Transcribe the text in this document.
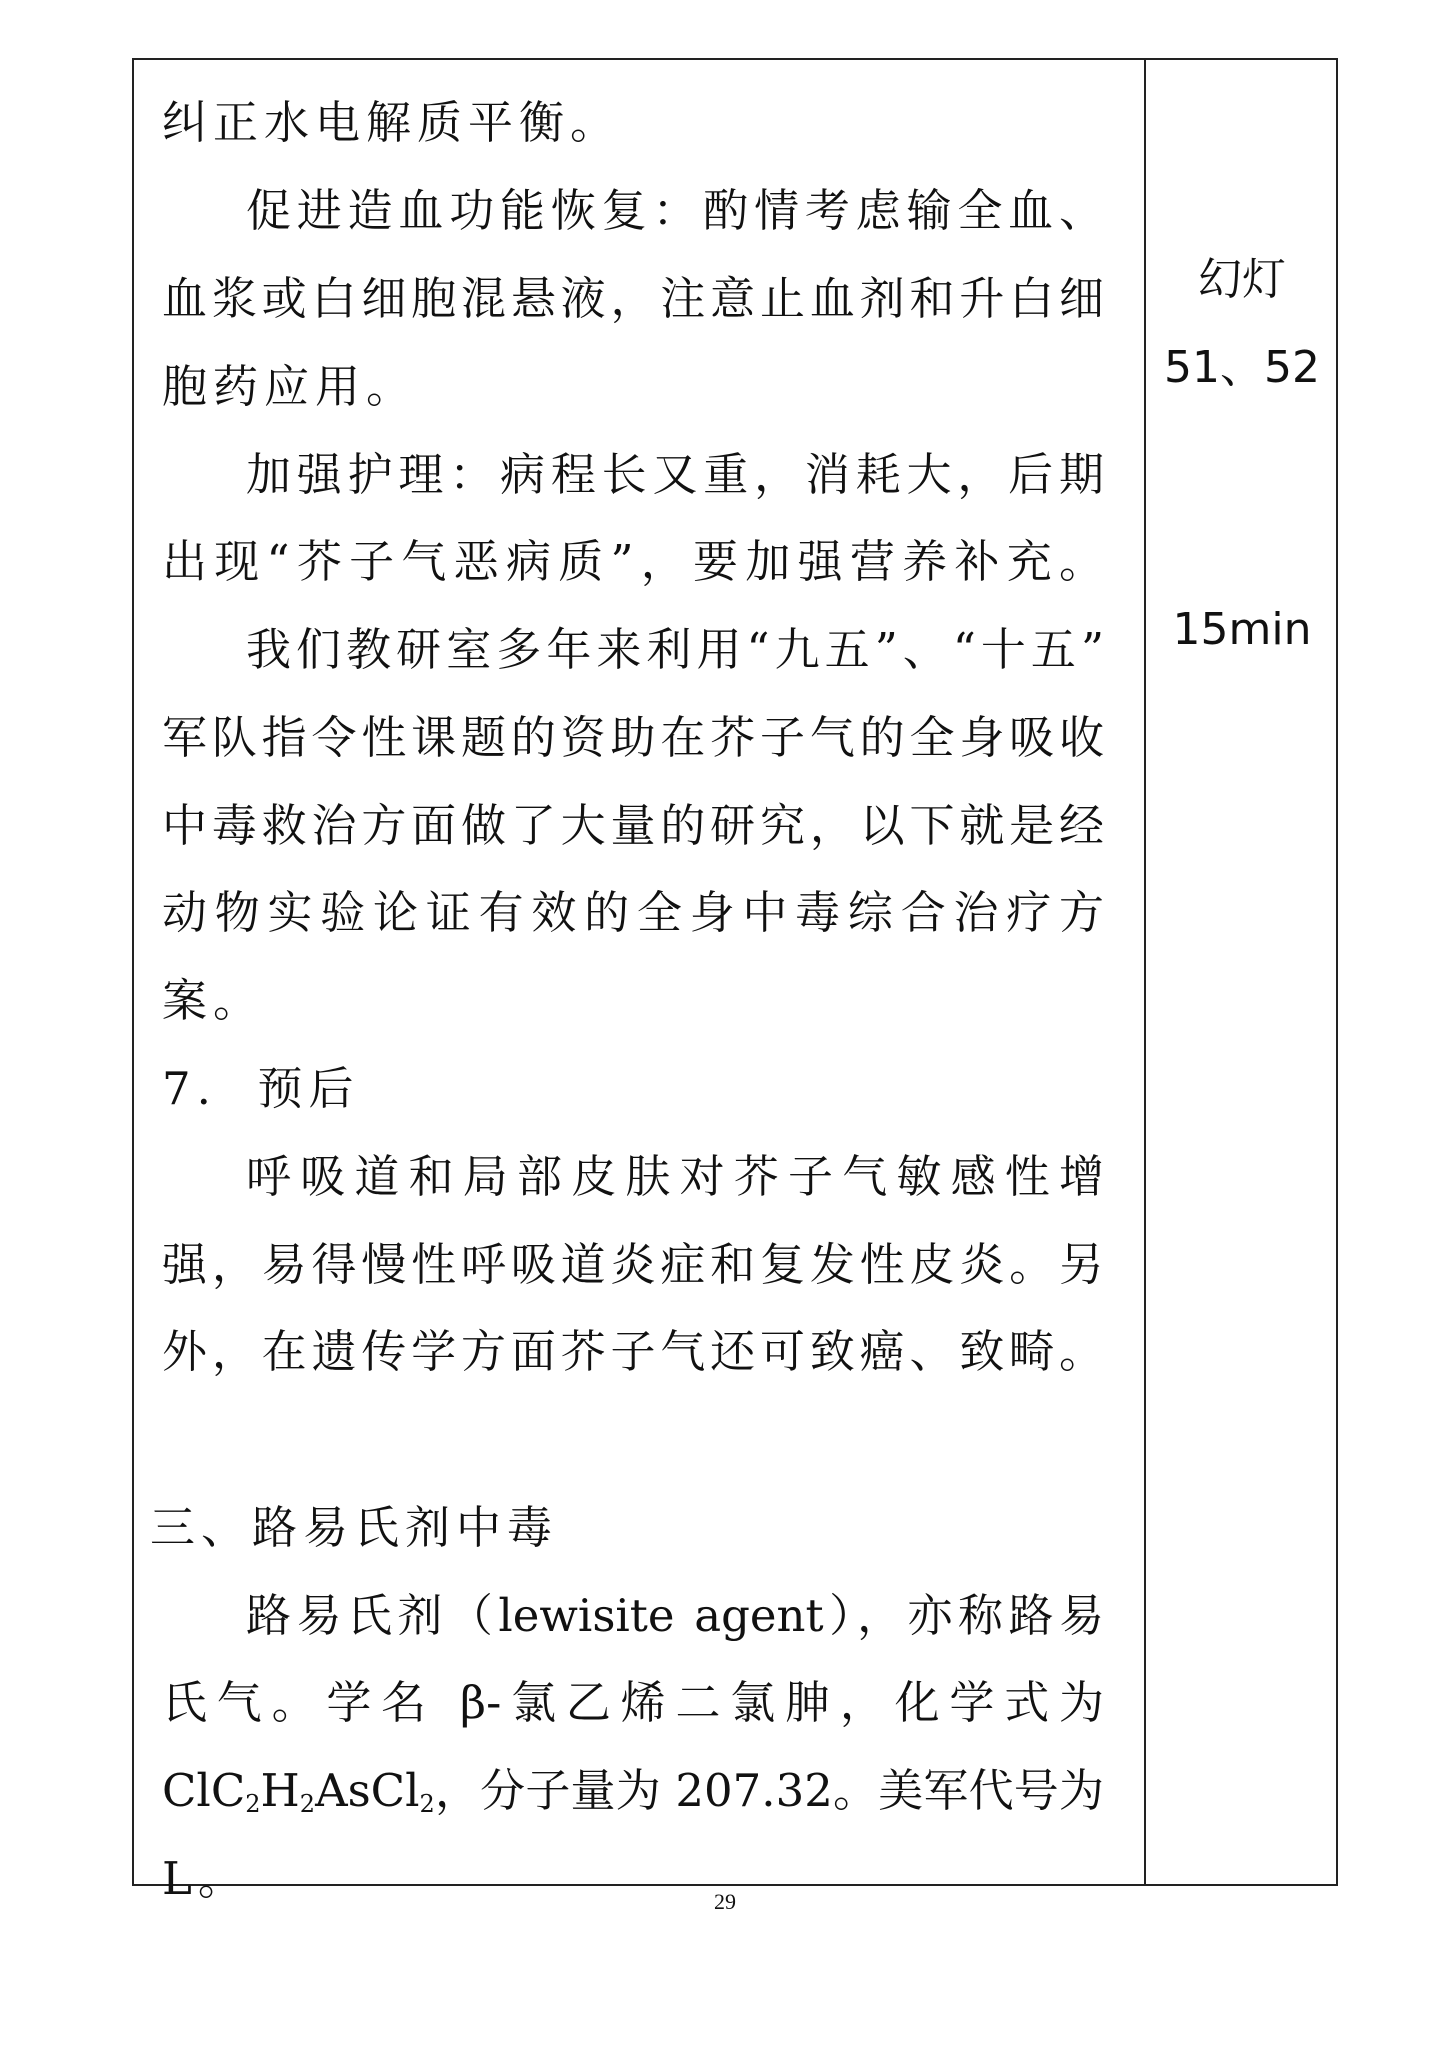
纠正水电解质平衡。
促进造血功能恢复：酌情考虑输全血、
血浆或白细胞混悬液，注意止血剂和升白细
胞药应用。
加强护理：病程长又重，消耗大，后期
出现“芥子气恶病质”，要加强营养补充。
我们教研室多年来利用“九五”、“十五”
军队指令性课题的资助在芥子气的全身吸收
中毒救治方面做了大量的研究，以下就是经
动物实验论证有效的全身中毒综合治疗方
案。
7.  预后
呼吸道和局部皮肤对芥子气敏感性增
强，易得慢性呼吸道炎症和复发性皮炎。另
外，在遗传学方面芥子气还可致癌、致畸。
三、路易氏剂中毒
路易氏剂（lewisite agent），亦称路易
氏气。学名 β-氯乙烯二氯胂，化学式为
$ClC_2H_2AsCl_2$，分子量为 207.32。美军代号为
L。
幻灯
51、52
15min
29
